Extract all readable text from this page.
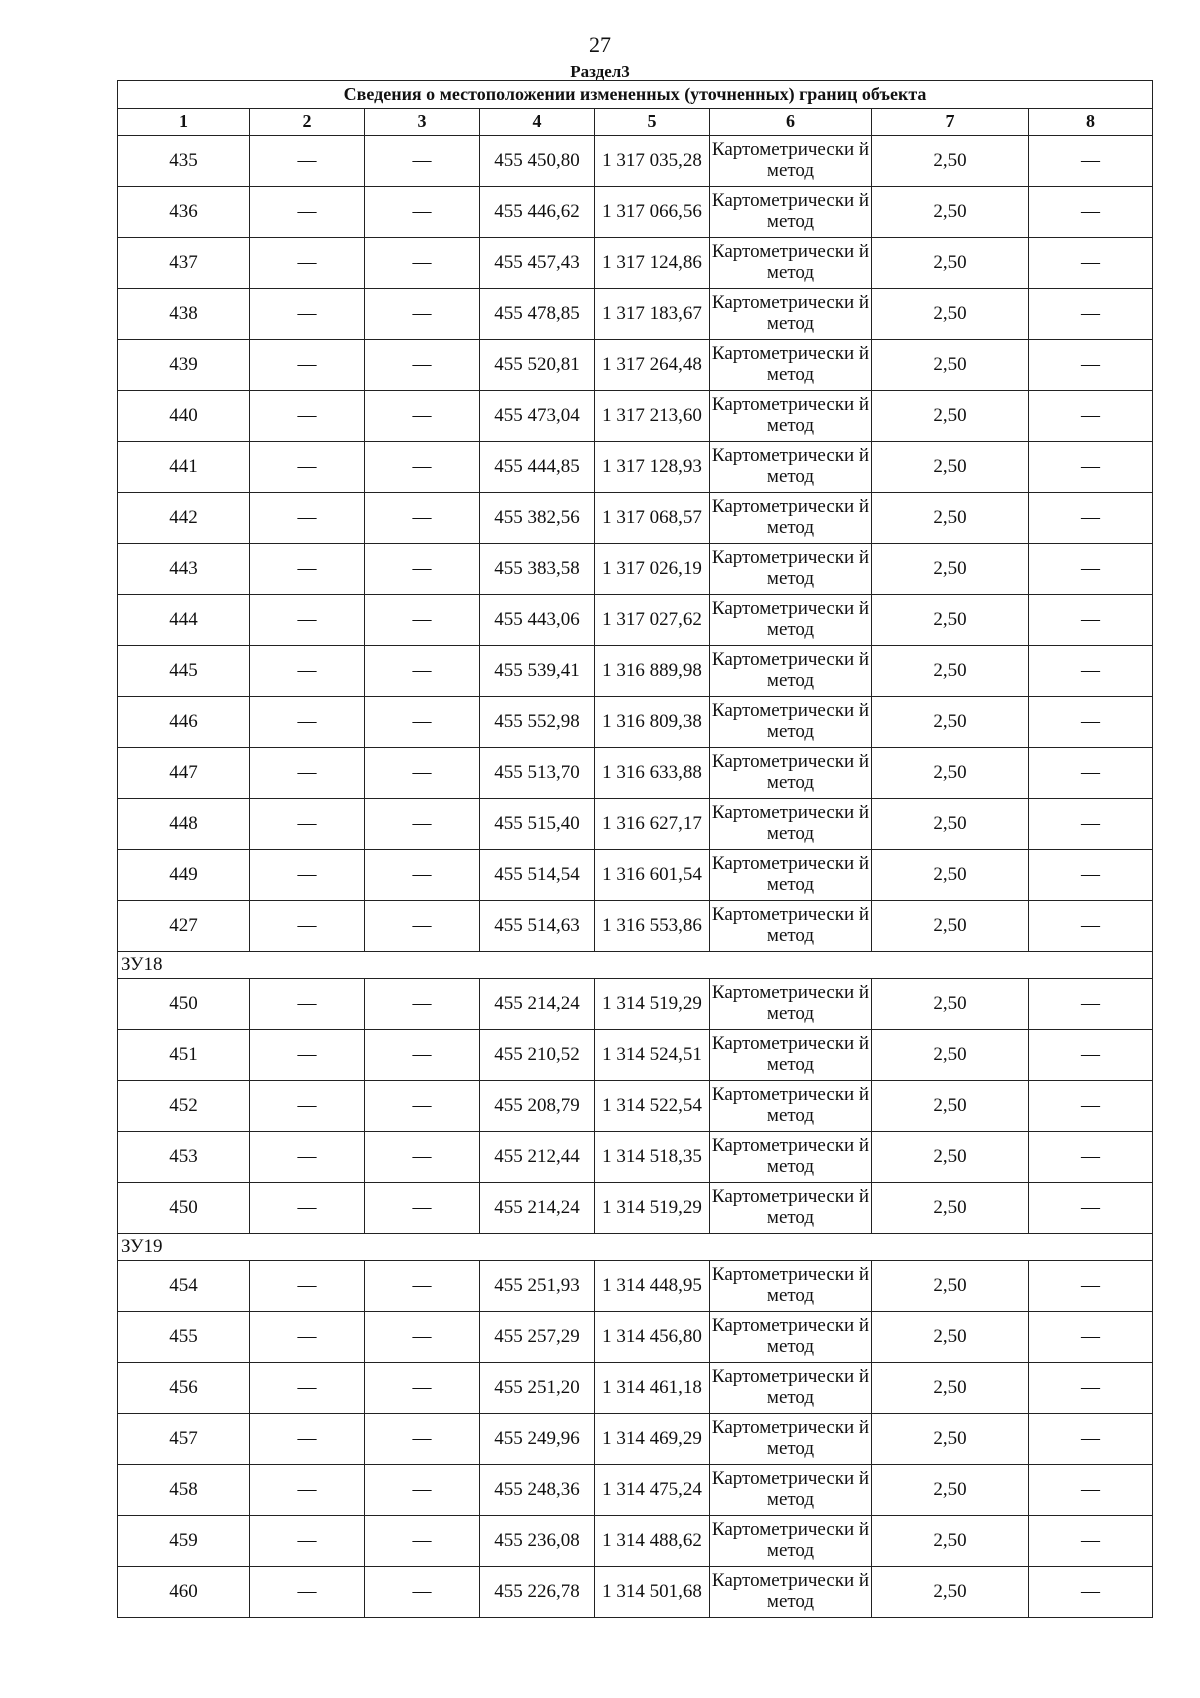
27
Раздел3
Сведения о местоположении измененных (уточненных) границ объекта							
1	2	3	4	5	6	7	8
435	—	—	455 450,80	1 317 035,28	Картометрически й метод	2,50	—
436	—	—	455 446,62	1 317 066,56	Картометрически й метод	2,50	—
437	—	—	455 457,43	1 317 124,86	Картометрически й метод	2,50	—
438	—	—	455 478,85	1 317 183,67	Картометрически й метод	2,50	—
439	—	—	455 520,81	1 317 264,48	Картометрически й метод	2,50	—
440	—	—	455 473,04	1 317 213,60	Картометрически й метод	2,50	—
441	—	—	455 444,85	1 317 128,93	Картометрически й метод	2,50	—
442	—	—	455 382,56	1 317 068,57	Картометрически й метод	2,50	—
443	—	—	455 383,58	1 317 026,19	Картометрически й метод	2,50	—
444	—	—	455 443,06	1 317 027,62	Картометрически й метод	2,50	—
445	—	—	455 539,41	1 316 889,98	Картометрически й метод	2,50	—
446	—	—	455 552,98	1 316 809,38	Картометрически й метод	2,50	—
447	—	—	455 513,70	1 316 633,88	Картометрически й метод	2,50	—
448	—	—	455 515,40	1 316 627,17	Картометрически й метод	2,50	—
449	—	—	455 514,54	1 316 601,54	Картометрически й метод	2,50	—
427	—	—	455 514,63	1 316 553,86	Картометрически й метод	2,50	—
ЗУ18							
450	—	—	455 214,24	1 314 519,29	Картометрически й метод	2,50	—
451	—	—	455 210,52	1 314 524,51	Картометрически й метод	2,50	—
452	—	—	455 208,79	1 314 522,54	Картометрически й метод	2,50	—
453	—	—	455 212,44	1 314 518,35	Картометрически й метод	2,50	—
450	—	—	455 214,24	1 314 519,29	Картометрически й метод	2,50	—
ЗУ19							
454	—	—	455 251,93	1 314 448,95	Картометрически й метод	2,50	—
455	—	—	455 257,29	1 314 456,80	Картометрически й метод	2,50	—
456	—	—	455 251,20	1 314 461,18	Картометрически й метод	2,50	—
457	—	—	455 249,96	1 314 469,29	Картометрически й метод	2,50	—
458	—	—	455 248,36	1 314 475,24	Картометрически й метод	2,50	—
459	—	—	455 236,08	1 314 488,62	Картометрически й метод	2,50	—
460	—	—	455 226,78	1 314 501,68	Картометрически й метод	2,50	—
